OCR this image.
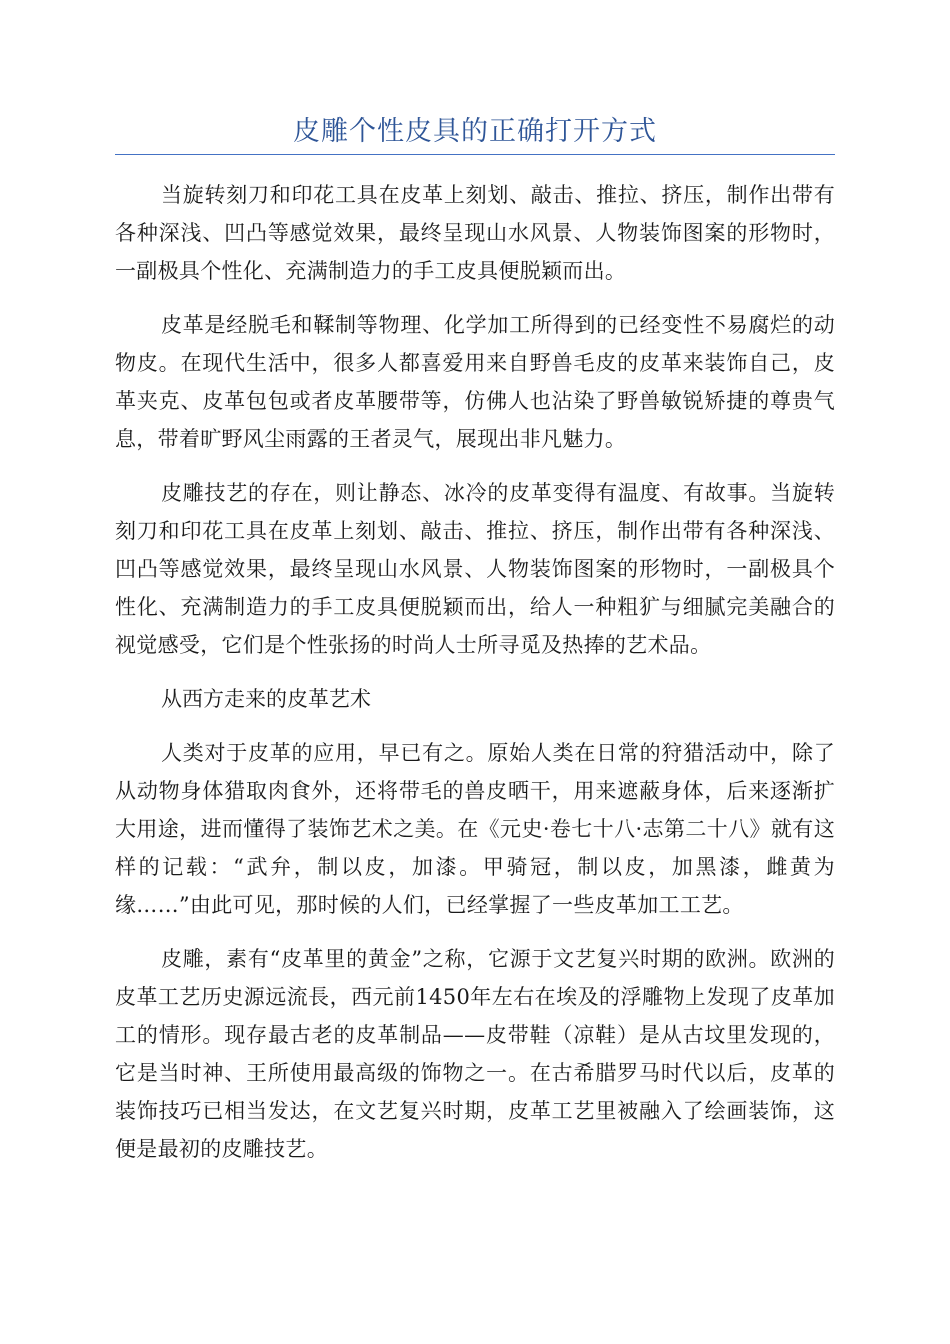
皮雕个性皮具的正确打开方式

当旋转刻刀和印花工具在皮革上刻划、敲击、推拉、挤压，制作出带有各种深浅、凹凸等感觉效果，最终呈现山水风景、人物装饰图案的形物时，一副极具个性化、充满制造力的手工皮具便脱颖而出。

皮革是经脱毛和鞣制等物理、化学加工所得到的已经变性不易腐烂的动物皮。在现代生活中，很多人都喜爱用来自野兽毛皮的皮革来装饰自己，皮革夹克、皮革包包或者皮革腰带等，仿佛人也沾染了野兽敏锐矫捷的尊贵气息，带着旷野风尘雨露的王者灵气，展现出非凡魅力。

皮雕技艺的存在，则让静态、冰冷的皮革变得有温度、有故事。当旋转刻刀和印花工具在皮革上刻划、敲击、推拉、挤压，制作出带有各种深浅、凹凸等感觉效果，最终呈现山水风景、人物装饰图案的形物时，一副极具个性化、充满制造力的手工皮具便脱颖而出，给人一种粗犷与细腻完美融合的视觉感受，它们是个性张扬的时尚人士所寻觅及热捧的艺术品。

从西方走来的皮革艺术

人类对于皮革的应用，早已有之。原始人类在日常的狩猎活动中，除了从动物身体猎取肉食外，还将带毛的兽皮晒干，用来遮蔽身体，后来逐渐扩大用途，进而懂得了装饰艺术之美。在《元史·卷七十八·志第二十八》就有这样的记载：“武弁，制以皮，加漆。甲骑冠，制以皮，加黑漆，雌黄为缘……”由此可见，那时候的人们，已经掌握了一些皮革加工工艺。

皮雕，素有“皮革里的黄金”之称，它源于文艺复兴时期的欧洲。欧洲的皮革工艺历史源远流長，西元前1450年左右在埃及的浮雕物上发现了皮革加工的情形。现存最古老的皮革制品——皮带鞋（凉鞋）是从古坟里发现的，它是当时神、王所使用最高级的饰物之一。在古希腊罗马时代以后，皮革的装饰技巧已相当发达，在文艺复兴时期，皮革工艺里被融入了绘画装饰，这便是最初的皮雕技艺。
